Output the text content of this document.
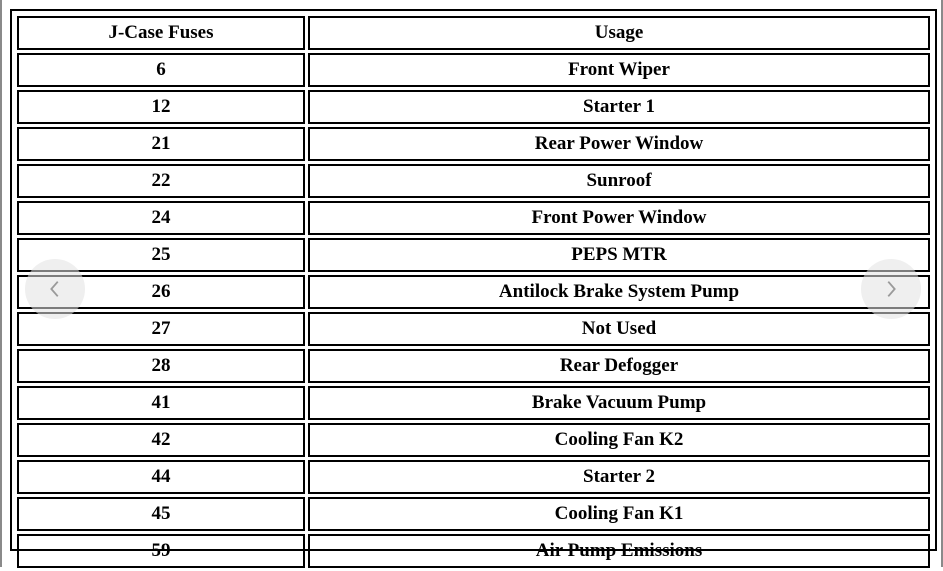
J-Case Fuses	Usage
6	Front Wiper
12	Starter 1
21	Rear Power Window
22	Sunroof
24	Front Power Window
25	PEPS MTR
26	Antilock Brake System Pump
27	Not Used
28	Rear Defogger
41	Brake Vacuum Pump
42	Cooling Fan K2
44	Starter 2
45	Cooling Fan K1
59	Air Pump Emissions
